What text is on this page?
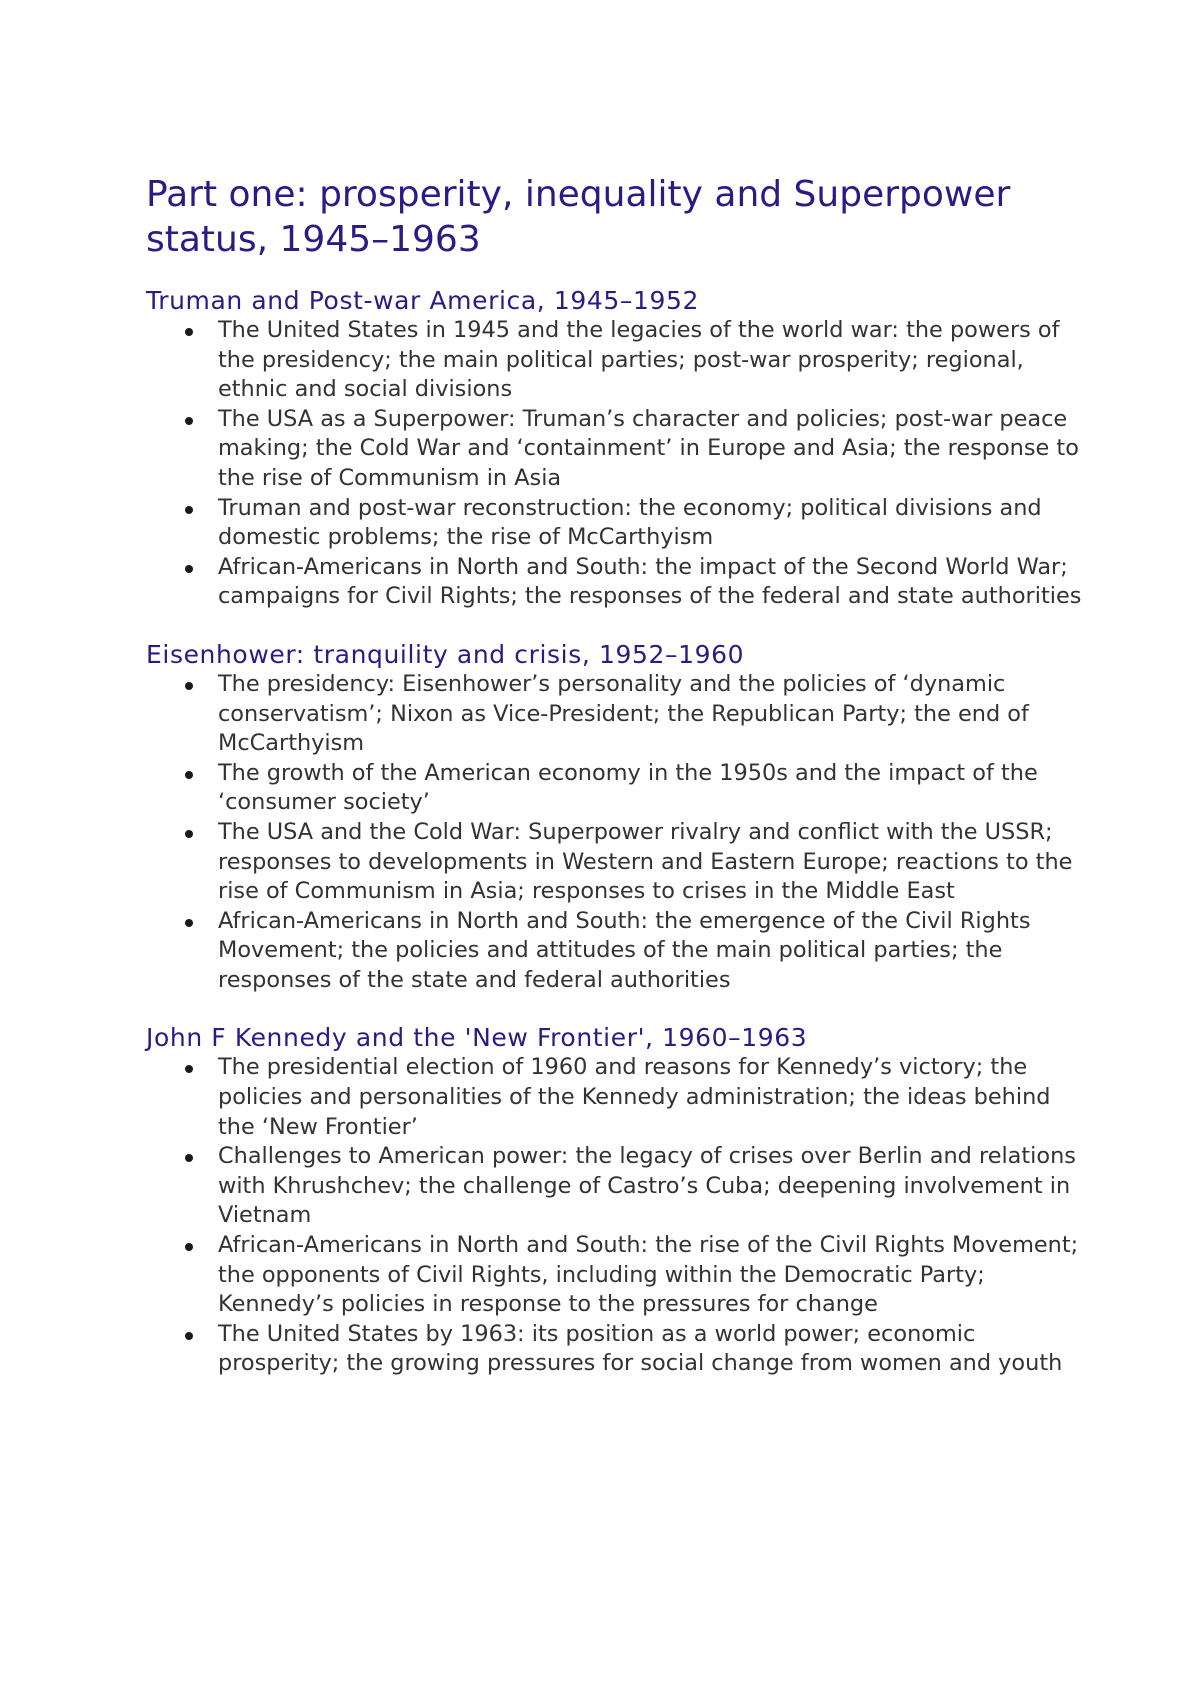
Part one: prosperity, inequality and Superpower status, 1945–1963
Truman and Post-war America, 1945–1952
The United States in 1945 and the legacies of the world war: the powers of the presidency; the main political parties; post-war prosperity; regional, ethnic and social divisions
The USA as a Superpower: Truman’s character and policies; post-war peace making; the Cold War and ‘containment’ in Europe and Asia; the response to the rise of Communism in Asia
Truman and post-war reconstruction: the economy; political divisions and domestic problems; the rise of McCarthyism
African-Americans in North and South: the impact of the Second World War; campaigns for Civil Rights; the responses of the federal and state authorities
Eisenhower: tranquility and crisis, 1952–1960
The presidency: Eisenhower’s personality and the policies of ‘dynamic conservatism’; Nixon as Vice-President; the Republican Party; the end of McCarthyism
The growth of the American economy in the 1950s and the impact of the ‘consumer society’
The USA and the Cold War: Superpower rivalry and conflict with the USSR; responses to developments in Western and Eastern Europe; reactions to the rise of Communism in Asia; responses to crises in the Middle East
African-Americans in North and South: the emergence of the Civil Rights Movement; the policies and attitudes of the main political parties; the responses of the state and federal authorities
John F Kennedy and the 'New Frontier', 1960–1963
The presidential election of 1960 and reasons for Kennedy’s victory; the policies and personalities of the Kennedy administration; the ideas behind the ‘New Frontier’
Challenges to American power: the legacy of crises over Berlin and relations with Khrushchev; the challenge of Castro’s Cuba; deepening involvement in Vietnam
African-Americans in North and South: the rise of the Civil Rights Movement; the opponents of Civil Rights, including within the Democratic Party; Kennedy’s policies in response to the pressures for change
The United States by 1963: its position as a world power; economic prosperity; the growing pressures for social change from women and youth
